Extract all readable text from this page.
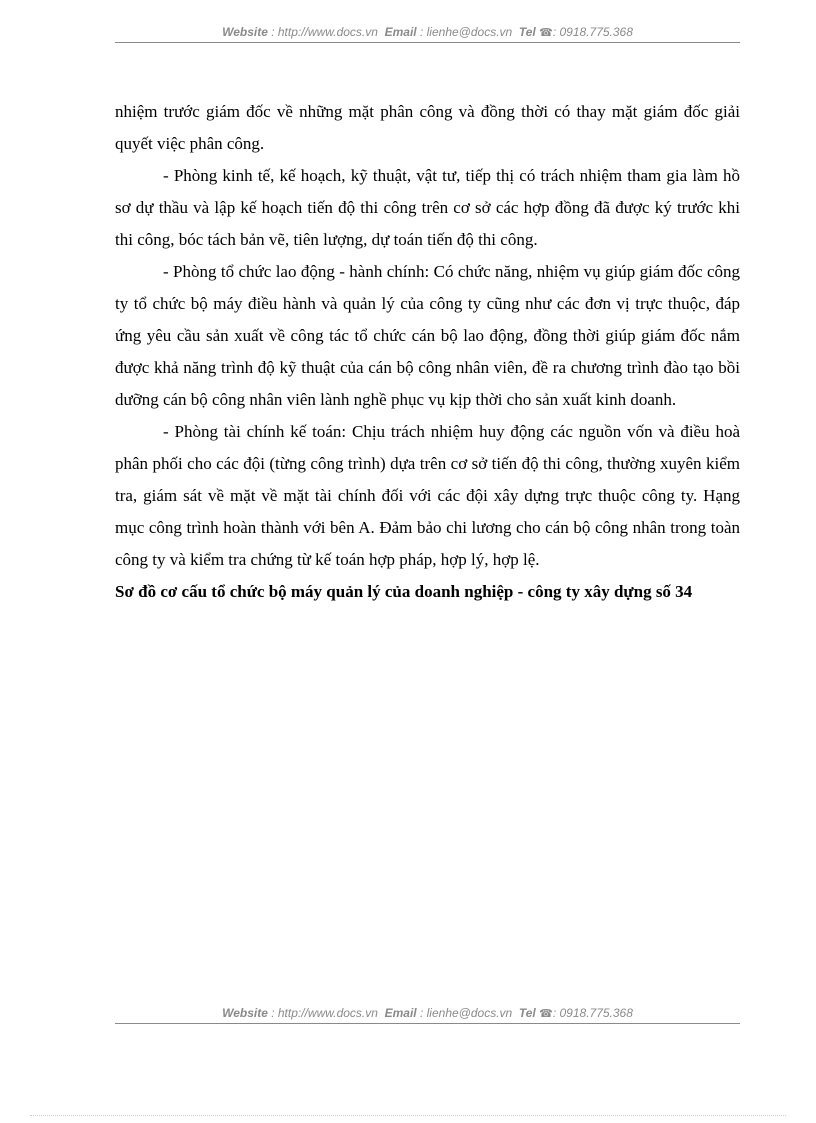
Website : http://www.docs.vn Email : lienhe@docs.vn Tel ☎: 0918.775.368

nhiệm trước giám đốc về những mặt phân công và đồng thời có thay mặt giám đốc giải quyết việc phân công.

- Phòng kinh tế, kế hoạch, kỹ thuật, vật tư, tiếp thị có trách nhiệm tham gia làm hồ sơ dự thầu và lập kế hoạch tiến độ thi công trên cơ sở các hợp đồng đã được ký trước khi thi công, bóc tách bản vẽ, tiên lượng, dự toán tiến độ thi công.

- Phòng tổ chức lao động - hành chính: Có chức năng, nhiệm vụ giúp giám đốc công ty tổ chức bộ máy điều hành và quản lý của công ty cũng như các đơn vị trực thuộc, đáp ứng yêu cầu sản xuất về công tác tổ chức cán bộ lao động, đồng thời giúp giám đốc nắm được khả năng trình độ kỹ thuật của cán bộ công nhân viên, đề ra chương trình đào tạo bồi dưỡng cán bộ công nhân viên lành nghề phục vụ kịp thời cho sản xuất kinh doanh.

- Phòng tài chính kế toán: Chịu trách nhiệm huy động các nguồn vốn và điều hoà phân phối cho các đội (từng công trình) dựa trên cơ sở tiến độ thi công, thường xuyên kiểm tra, giám sát về mặt về mặt tài chính đối với các đội xây dựng trực thuộc công ty. Hạng mục công trình hoàn thành với bên A. Đảm bảo chi lương cho cán bộ công nhân trong toàn công ty và kiểm tra chứng từ kế toán hợp pháp, hợp lý, hợp lệ.

Sơ đồ cơ cấu tổ chức bộ máy quản lý của doanh nghiệp - công ty xây dựng số 34

Website : http://www.docs.vn Email : lienhe@docs.vn Tel ☎: 0918.775.368
